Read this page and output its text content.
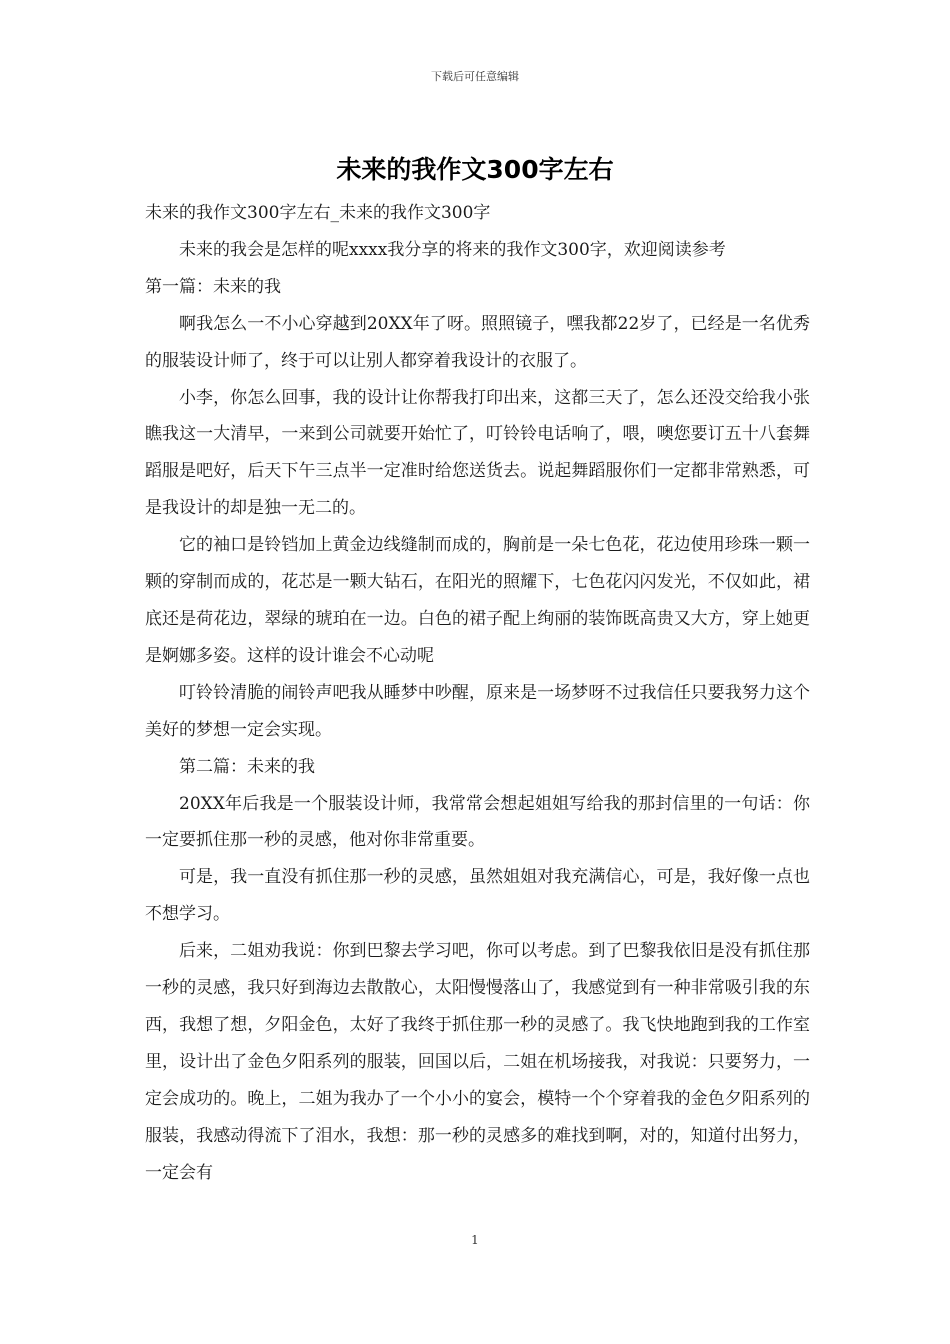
下载后可任意编辑
未来的我作文300字左右

未来的我作文300字左右_未来的我作文300字

未来的我会是怎样的呢xxxx我分享的将来的我作文300字，欢迎阅读参考

第一篇：未来的我

啊我怎么一不小心穿越到20XX年了呀。照照镜子，嘿我都22岁了，已经是一名优秀的服装设计师了，终于可以让别人都穿着我设计的衣服了。

小李，你怎么回事，我的设计让你帮我打印出来，这都三天了，怎么还没交给我小张瞧我这一大清早，一来到公司就要开始忙了，叮铃铃电话响了，喂，噢您要订五十八套舞蹈服是吧好，后天下午三点半一定准时给您送货去。说起舞蹈服你们一定都非常熟悉，可是我设计的却是独一无二的。

它的袖口是铃铛加上黄金边线缝制而成的，胸前是一朵七色花，花边使用珍珠一颗一颗的穿制而成的，花芯是一颗大钻石，在阳光的照耀下，七色花闪闪发光，不仅如此，裙底还是荷花边，翠绿的琥珀在一边。白色的裙子配上绚丽的装饰既高贵又大方，穿上她更是婀娜多姿。这样的设计谁会不心动呢

叮铃铃清脆的闹铃声吧我从睡梦中吵醒，原来是一场梦呀不过我信任只要我努力这个美好的梦想一定会实现。

第二篇：未来的我

20XX年后我是一个服装设计师，我常常会想起姐姐写给我的那封信里的一句话：你一定要抓住那一秒的灵感，他对你非常重要。

可是，我一直没有抓住那一秒的灵感，虽然姐姐对我充满信心，可是，我好像一点也不想学习。

后来，二姐劝我说：你到巴黎去学习吧，你可以考虑。到了巴黎我依旧是没有抓住那一秒的灵感，我只好到海边去散散心，太阳慢慢落山了，我感觉到有一种非常吸引我的东西，我想了想，夕阳金色，太好了我终于抓住那一秒的灵感了。我飞快地跑到我的工作室里，设计出了金色夕阳系列的服装，回国以后，二姐在机场接我，对我说：只要努力，一定会成功的。晚上，二姐为我办了一个小小的宴会，模特一个个穿着我的金色夕阳系列的服装，我感动得流下了泪水，我想：那一秒的灵感多的难找到啊，对的，知道付出努力，一定会有

1
